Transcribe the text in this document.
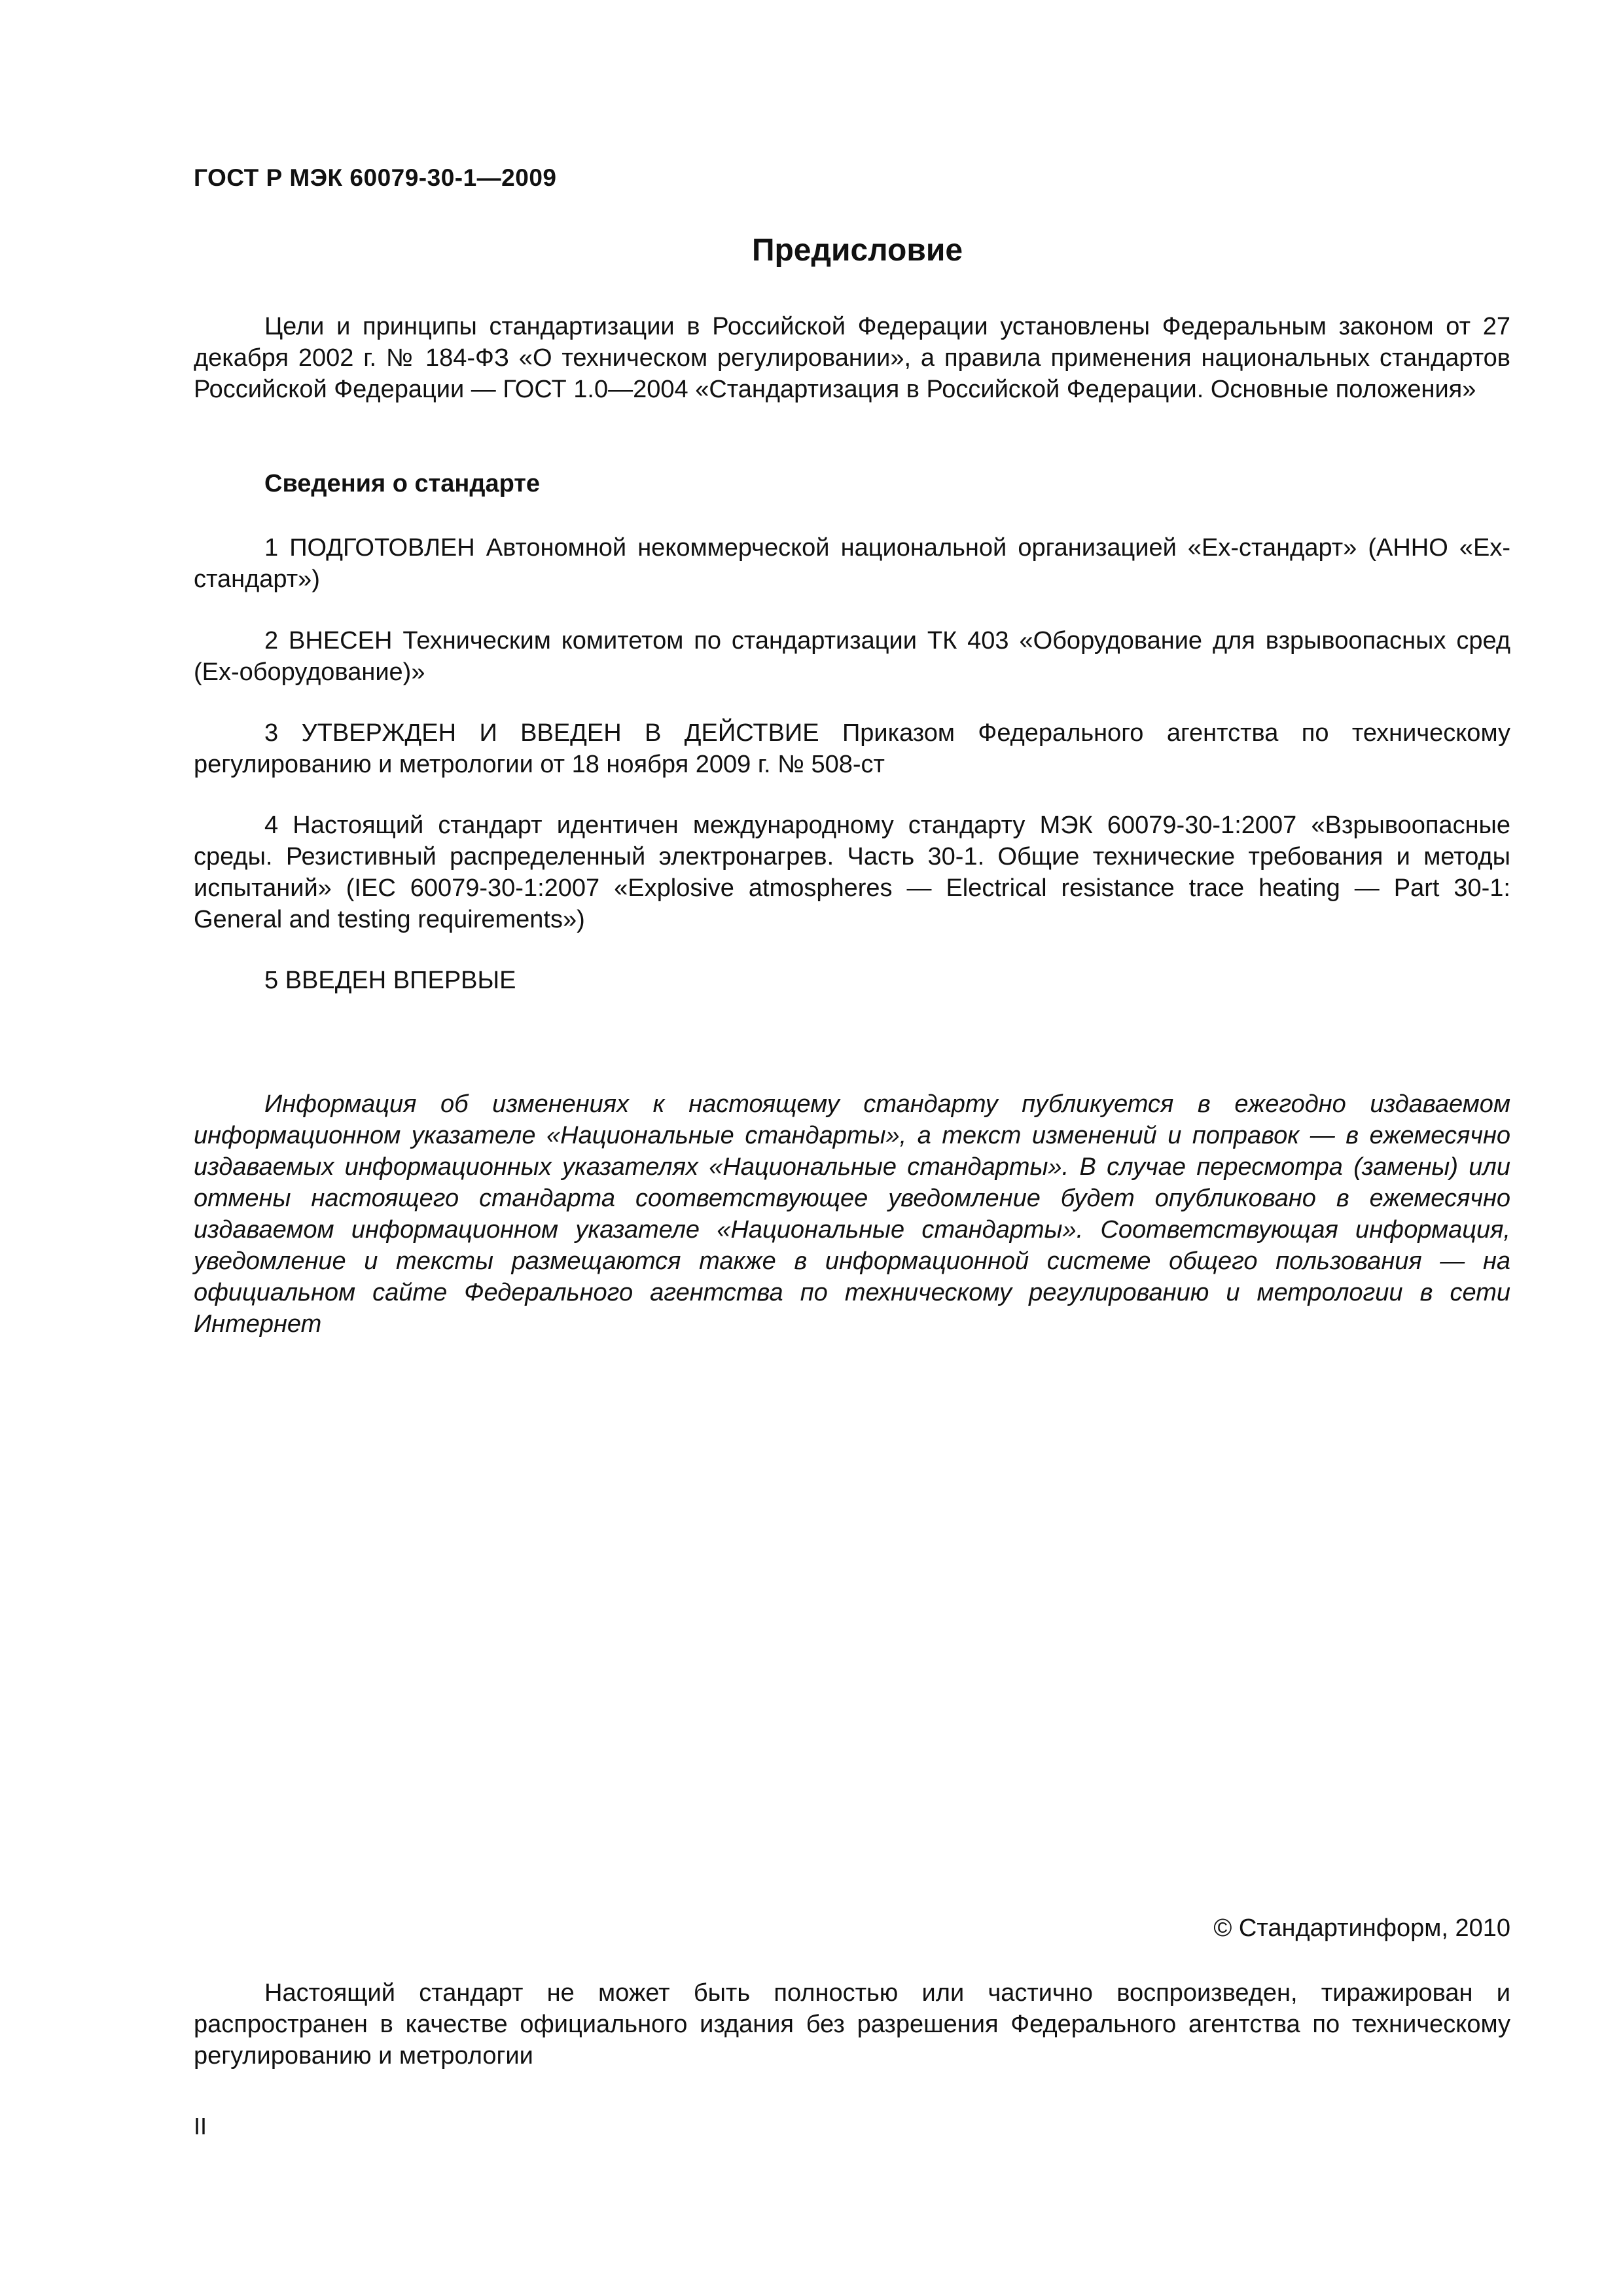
ГОСТ Р МЭК 60079-30-1—2009
Предисловие
Цели и принципы стандартизации в Российской Федерации установлены Федеральным законом от 27 декабря 2002 г. № 184-ФЗ «О техническом регулировании», а правила применения национальных стандартов Российской Федерации — ГОСТ 1.0—2004 «Стандартизация в Российской Федерации. Основные положения»
Сведения о стандарте
1 ПОДГОТОВЛЕН Автономной некоммерческой национальной организацией «Ех-стандарт» (АННО «Ех-стандарт»)
2 ВНЕСЕН Техническим комитетом по стандартизации ТК 403 «Оборудование для взрывоопасных сред (Ех-оборудование)»
3 УТВЕРЖДЕН И ВВЕДЕН В ДЕЙСТВИЕ Приказом Федерального агентства по техническому регулированию и метрологии от 18 ноября 2009 г. № 508-ст
4 Настоящий стандарт идентичен международному стандарту МЭК 60079-30-1:2007 «Взрывоопасные среды. Резистивный распределенный электронагрев. Часть 30-1. Общие технические требования и методы испытаний» (IEC 60079-30-1:2007 «Explosive atmospheres — Electrical resistance trace heating — Part 30-1: General and testing requirements»)
5 ВВЕДЕН ВПЕРВЫЕ
Информация об изменениях к настоящему стандарту публикуется в ежегодно издаваемом информационном указателе «Национальные стандарты», а текст изменений и поправок — в ежемесячно издаваемых информационных указателях «Национальные стандарты». В случае пересмотра (замены) или отмены настоящего стандарта соответствующее уведомление будет опубликовано в ежемесячно издаваемом информационном указателе «Национальные стандарты». Соответствующая информация, уведомление и тексты размещаются также в информационной системе общего пользования — на официальном сайте Федерального агентства по техническому регулированию и метрологии в сети Интернет
© Стандартинформ, 2010
Настоящий стандарт не может быть полностью или частично воспроизведен, тиражирован и распространен в качестве официального издания без разрешения Федерального агентства по техническому регулированию и метрологии
II
